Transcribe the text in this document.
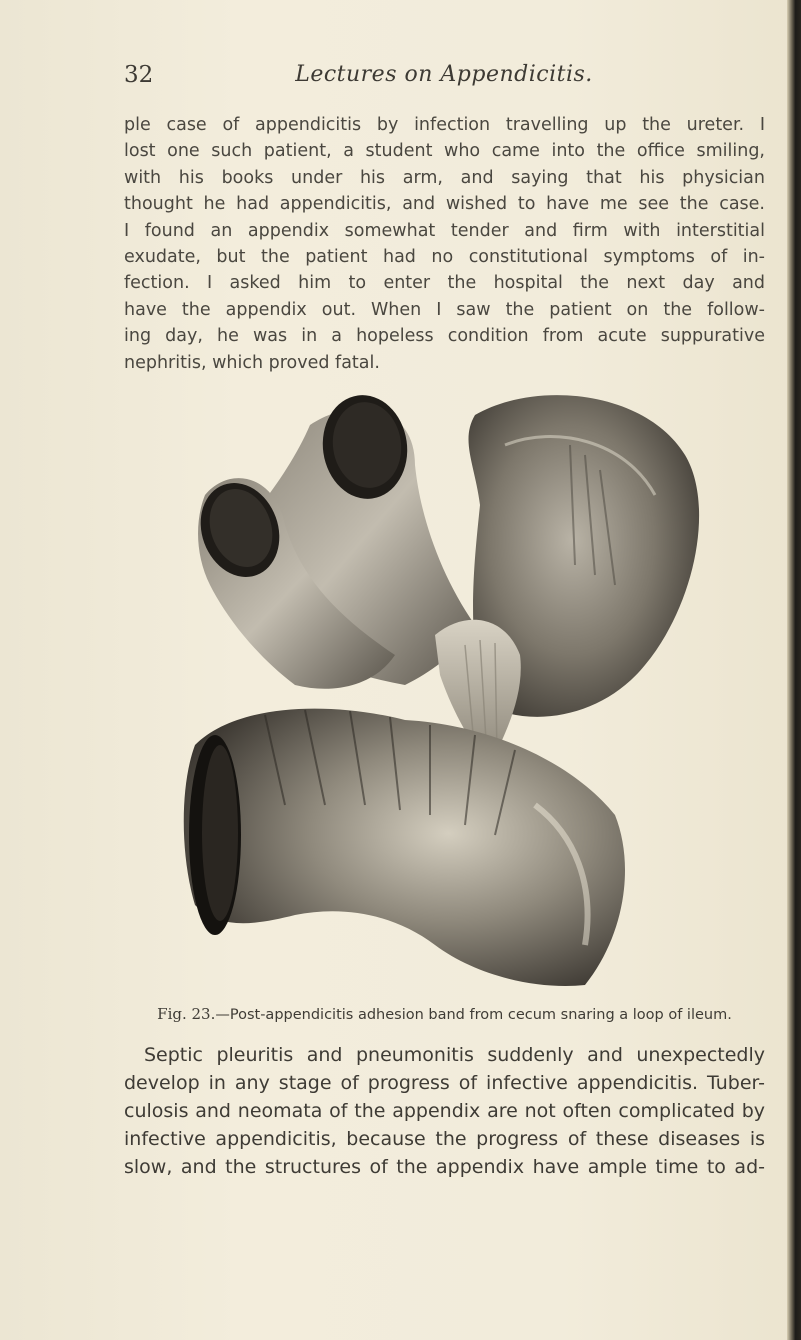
32	Lectures on Appendicitis.

ple case of appendicitis by infection travelling up the ureter. I
lost one such patient, a student who came into the office smiling,
with his books under his arm, and saying that his physician
thought he had appendicitis, and wished to have me see the case.
I found an appendix somewhat tender and firm with interstitial
exudate, but the patient had no constitutional symptoms of in-
fection. I asked him to enter the hospital the next day and
have the appendix out. When I saw the patient on the follow-
ing day, he was in a hopeless condition from acute suppurative
nephritis, which proved fatal.

Fig. 23.—Post-appendicitis adhesion band from cecum snaring a loop of ileum.

Septic pleuritis and pneumonitis suddenly and unexpectedly
develop in any stage of progress of infective appendicitis. Tuber-
culosis and neomata of the appendix are not often complicated by
infective appendicitis, because the progress of these diseases is
slow, and the structures of the appendix have ample time to ad-
